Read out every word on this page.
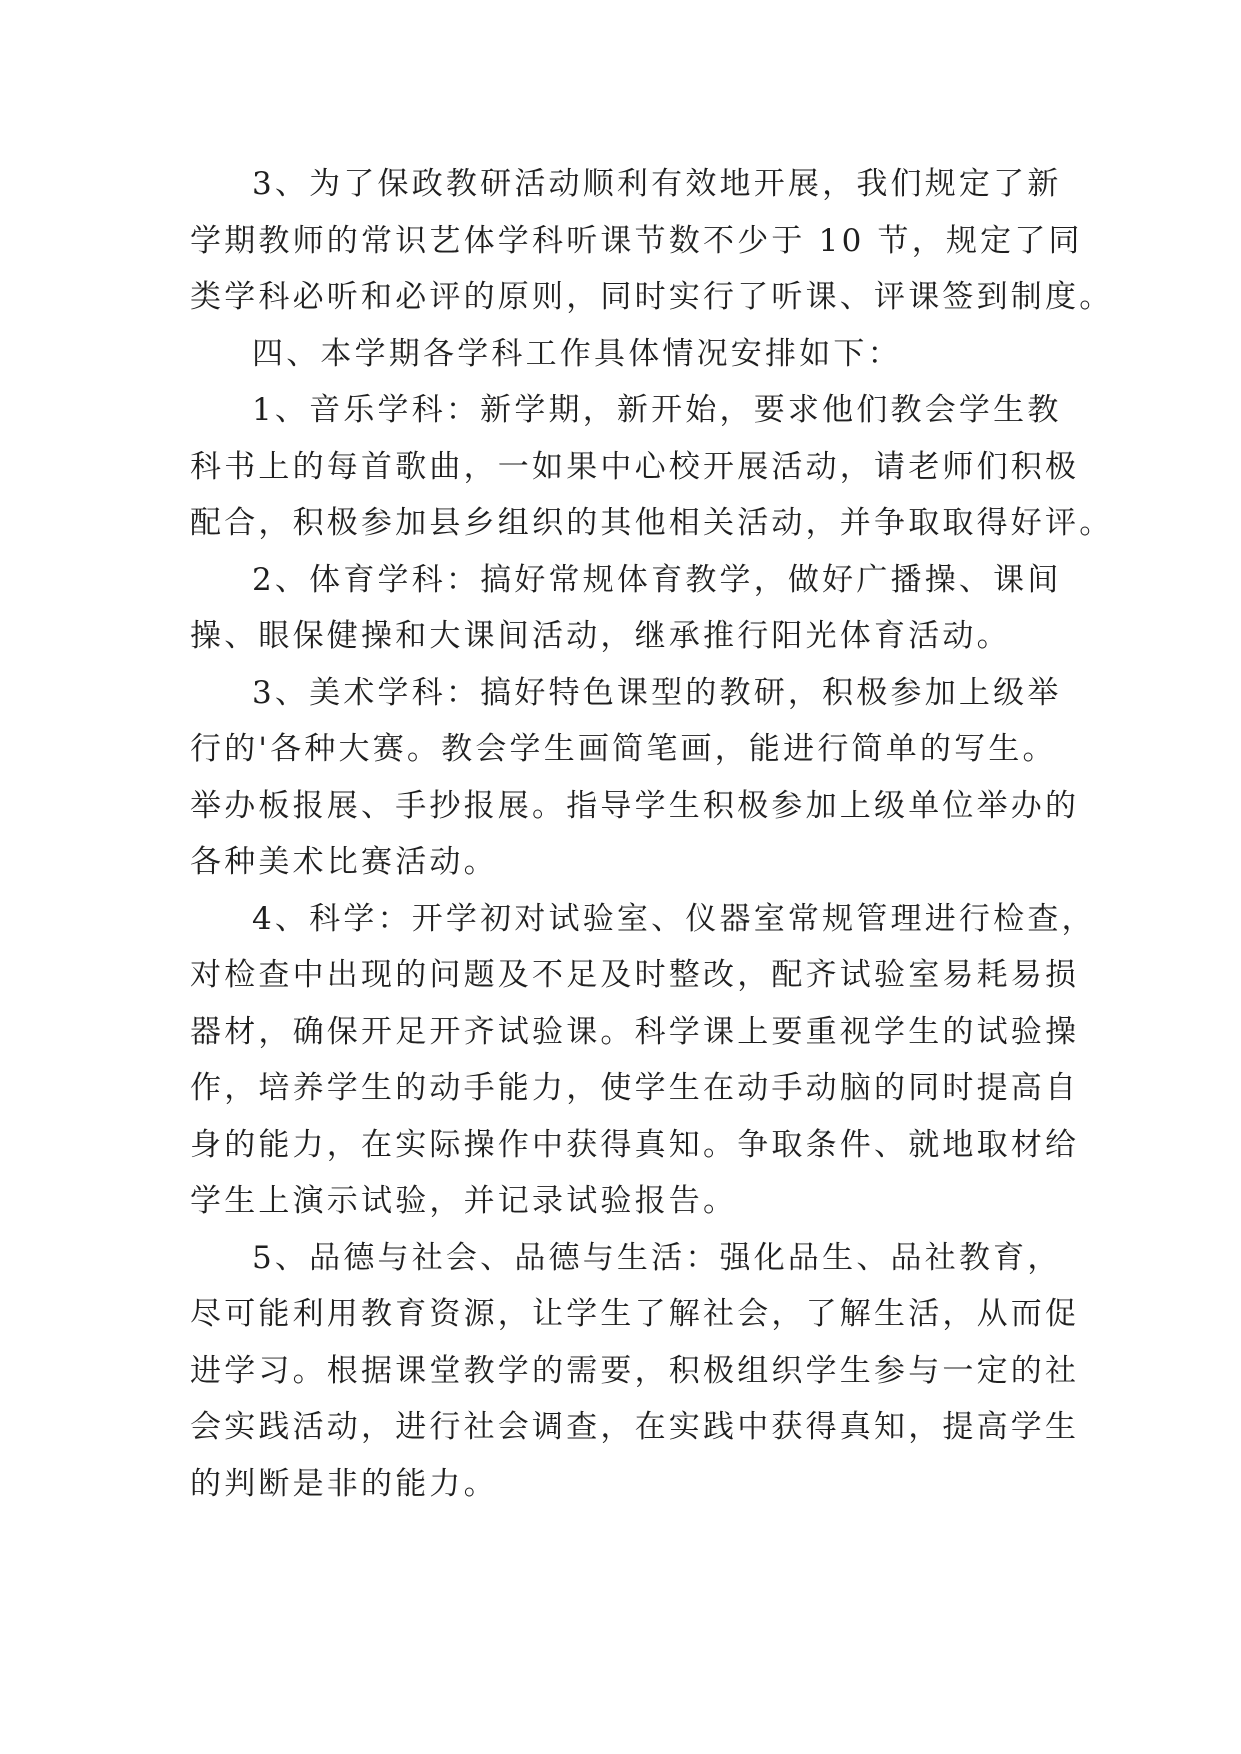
3、为了保政教研活动顺利有效地开展，我们规定了新
学期教师的常识艺体学科听课节数不少于 10 节，规定了同
类学科必听和必评的原则，同时实行了听课、评课签到制度。

四、本学期各学科工作具体情况安排如下：

1、音乐学科：新学期，新开始，要求他们教会学生教
科书上的每首歌曲，一如果中心校开展活动，请老师们积极
配合，积极参加县乡组织的其他相关活动，并争取取得好评。

2、体育学科：搞好常规体育教学，做好广播操、课间
操、眼保健操和大课间活动，继承推行阳光体育活动。

3、美术学科：搞好特色课型的教研，积极参加上级举
行的'各种大赛。教会学生画简笔画，能进行简单的写生。
举办板报展、手抄报展。指导学生积极参加上级单位举办的
各种美术比赛活动。

4、科学：开学初对试验室、仪器室常规管理进行检查，
对检查中出现的问题及不足及时整改，配齐试验室易耗易损
器材，确保开足开齐试验课。科学课上要重视学生的试验操
作，培养学生的动手能力，使学生在动手动脑的同时提高自
身的能力，在实际操作中获得真知。争取条件、就地取材给
学生上演示试验，并记录试验报告。

5、品德与社会、品德与生活：强化品生、品社教育，
尽可能利用教育资源，让学生了解社会，了解生活，从而促
进学习。根据课堂教学的需要，积极组织学生参与一定的社
会实践活动，进行社会调查，在实践中获得真知，提高学生
的判断是非的能力。
